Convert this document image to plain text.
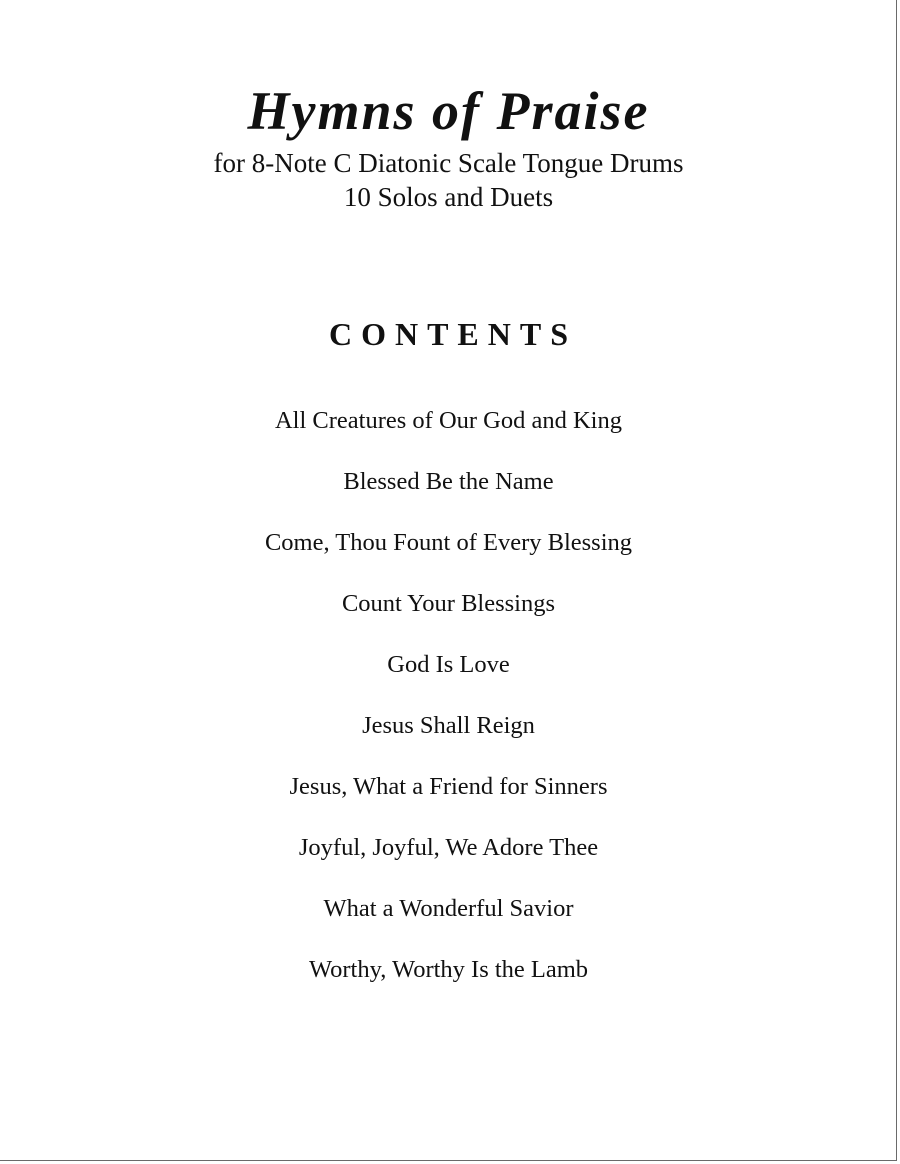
Hymns of Praise

for 8-Note C Diatonic Scale Tongue Drums

10 Solos and Duets

CONTENTS
All Creatures of Our God and King
Blessed Be the Name
Come, Thou Fount of Every Blessing
Count Your Blessings
God Is Love
Jesus Shall Reign
Jesus, What a Friend for Sinners
Joyful, Joyful, We Adore Thee
What a Wonderful Savior
Worthy, Worthy Is the Lamb
